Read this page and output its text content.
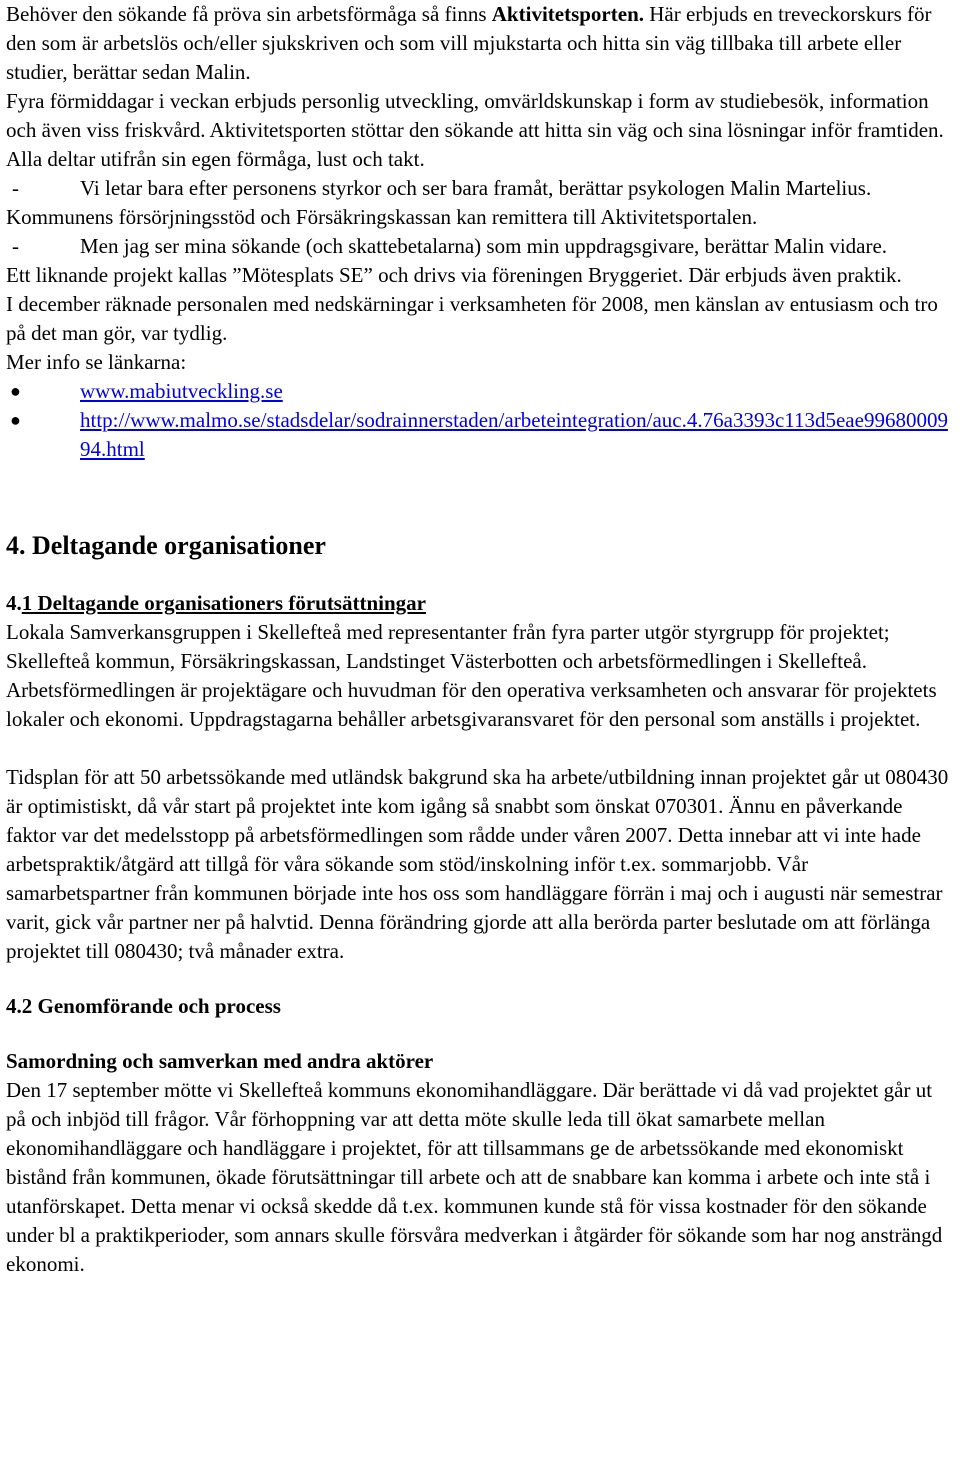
Behöver den sökande få pröva sin arbetsförmåga så finns Aktivitetsporten. Här erbjuds en treveckorskurs för den som är arbetslös och/eller sjukskriven och som vill mjukstarta och hitta sin väg tillbaka till arbete eller studier, berättar sedan Malin.

Fyra förmiddagar i veckan erbjuds personlig utveckling, omvärldskunskap i form av studiebesök, information och även viss friskvård. Aktivitetsporten stöttar den sökande att hitta sin väg och sina lösningar inför framtiden. Alla deltar utifrån sin egen förmåga, lust och takt.

-	Vi letar bara efter personens styrkor och ser bara framåt, berättar psykologen Malin Martelius.

Kommunens försörjningsstöd och Försäkringskassan kan remittera till Aktivitetsportalen.

-	Men jag ser mina sökande (och skattebetalarna) som min uppdragsgivare, berättar Malin vidare.

Ett liknande projekt kallas ”Mötesplats SE” och drivs via föreningen Bryggeriet. Där erbjuds även praktik.

I december räknade personalen med nedskärningar i verksamheten för 2008, men känslan av entusiasm och tro på det man gör, var tydlig.

Mer info se länkarna:

●	www.mabiutveckling.se
●	http://www.malmo.se/stadsdelar/sodrainnerstaden/arbeteintegration/auc.4.76a3393c113d5eae9968000994.html

4. Deltagande organisationer

4.1 Deltagande organisationers förutsättningar

Lokala Samverkansgruppen i Skellefteå med representanter från fyra parter utgör styrgrupp för projektet; Skellefteå kommun, Försäkringskassan, Landstinget Västerbotten och arbetsförmedlingen i Skellefteå. Arbetsförmedlingen är projektägare och huvudman för den operativa verksamheten och ansvarar för projektets lokaler och ekonomi. Uppdragstagarna behåller arbetsgivaransvaret för den personal som anställs i projektet.

Tidsplan för att 50 arbetssökande med utländsk bakgrund ska ha arbete/utbildning innan projektet går ut 080430 är optimistiskt, då vår start på projektet inte kom igång så snabbt som önskat 070301. Ännu en påverkande faktor var det medelsstopp på arbetsförmedlingen som rådde under våren 2007. Detta innebar att vi inte hade arbetspraktik/åtgärd att tillgå för våra sökande som stöd/inskolning inför t.ex. sommarjobb. Vår samarbetspartner från kommunen började inte hos oss som handläggare förrän i maj och i augusti när semestrar varit, gick vår partner ner på halvtid. Denna förändring gjorde att alla berörda parter beslutade om att förlänga projektet till 080430; två månader extra.

4.2 Genomförande och process

Samordning och samverkan med andra aktörer

Den 17 september mötte vi Skellefteå kommuns ekonomihandläggare. Där berättade vi då vad projektet går ut på och inbjöd till frågor. Vår förhoppning var att detta möte skulle leda till ökat samarbete mellan ekonomihandläggare och handläggare i projektet, för att tillsammans ge de arbetssökande med ekonomiskt bistånd från kommunen, ökade förutsättningar till arbete och att de snabbare kan komma i arbete och inte stå i utanförskapet. Detta menar vi också skedde då t.ex. kommunen kunde stå för vissa kostnader för den sökande under bl a praktikperioder, som annars skulle försvåra medverkan i åtgärder för sökande som har nog ansträngd ekonomi.
